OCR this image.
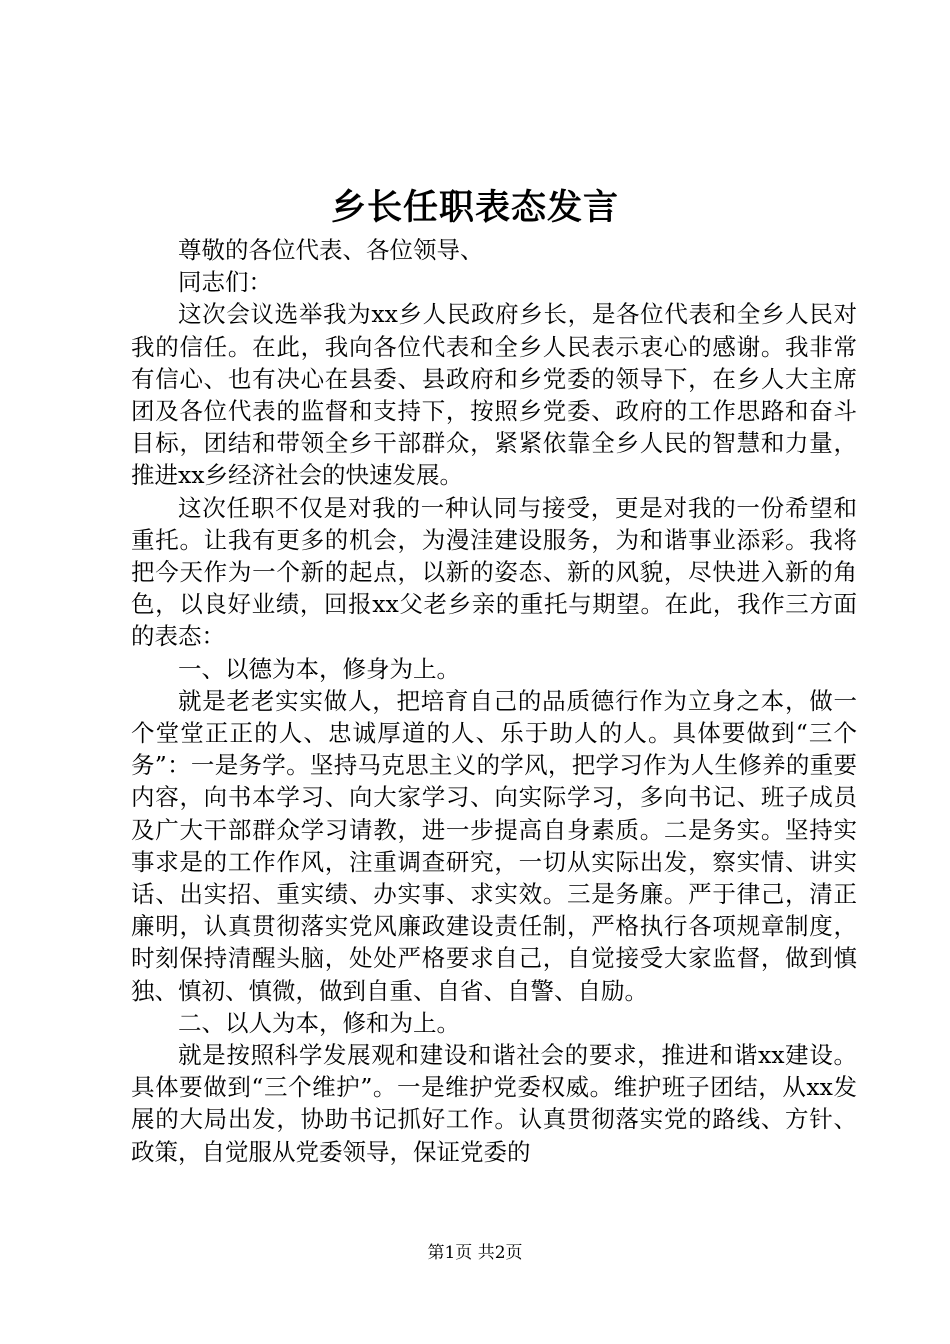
乡长任职表态发言

尊敬的各位代表、各位领导、

同志们：

这次会议选举我为xx乡人民政府乡长，是各位代表和全乡人民对我的信任。在此，我向各位代表和全乡人民表示衷心的感谢。我非常有信心、也有决心在县委、县政府和乡党委的领导下，在乡人大主席团及各位代表的监督和支持下，按照乡党委、政府的工作思路和奋斗目标，团结和带领全乡干部群众，紧紧依靠全乡人民的智慧和力量，推进xx乡经济社会的快速发展。

这次任职不仅是对我的一种认同与接受，更是对我的一份希望和重托。让我有更多的机会，为漫洼建设服务，为和谐事业添彩。我将把今天作为一个新的起点，以新的姿态、新的风貌，尽快进入新的角色，以良好业绩，回报xx父老乡亲的重托与期望。在此，我作三方面的表态：

一、以德为本，修身为上。

就是老老实实做人，把培育自己的品质德行作为立身之本，做一个堂堂正正的人、忠诚厚道的人、乐于助人的人。具体要做到“三个务”：一是务学。坚持马克思主义的学风，把学习作为人生修养的重要内容，向书本学习、向大家学习、向实际学习，多向书记、班子成员及广大干部群众学习请教，进一步提高自身素质。二是务实。坚持实事求是的工作作风，注重调查研究，一切从实际出发，察实情、讲实话、出实招、重实绩、办实事、求实效。三是务廉。严于律己，清正廉明，认真贯彻落实党风廉政建设责任制，严格执行各项规章制度，时刻保持清醒头脑，处处严格要求自己，自觉接受大家监督，做到慎独、慎初、慎微，做到自重、自省、自警、自励。

二、以人为本，修和为上。

就是按照科学发展观和建设和谐社会的要求，推进和谐xx建设。具体要做到“三个维护”。一是维护党委权威。维护班子团结，从xx发展的大局出发，协助书记抓好工作。认真贯彻落实党的路线、方针、政策，自觉服从党委领导，保证党委的

第1页 共2页
